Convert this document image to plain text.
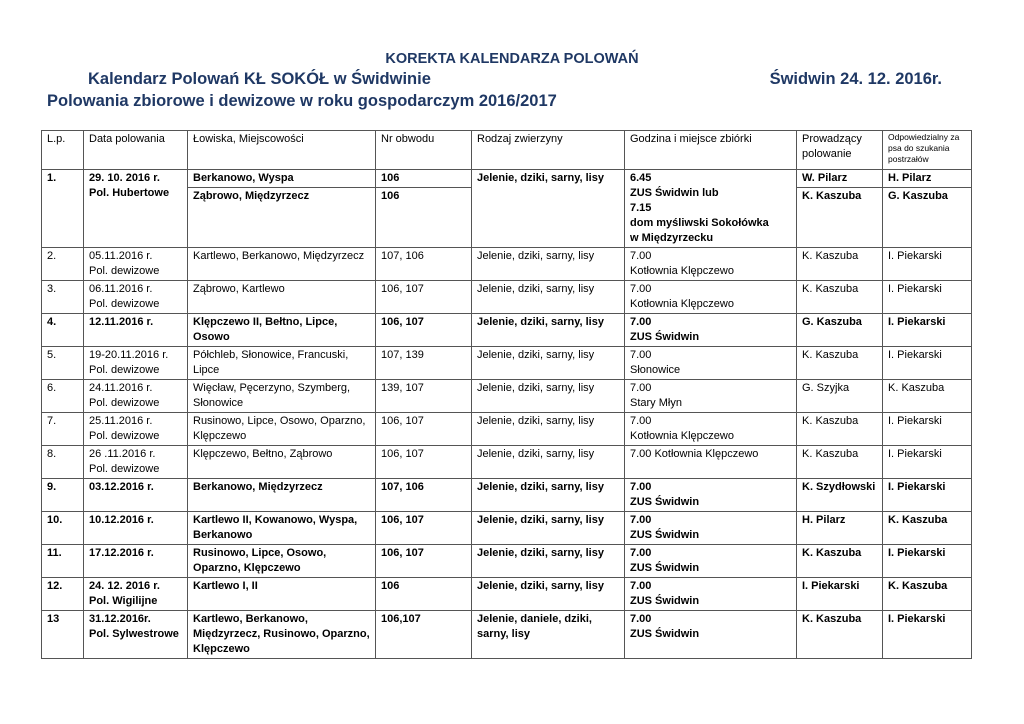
KOREKTA KALENDARZA POLOWAŃ
Kalendarz Polowań KŁ SOKÓŁ w Świdwinie	Świdwin 24. 12. 2016r.
Polowania zbiorowe i dewizowe w roku gospodarczym 2016/2017
L.p.	Data polowania	Łowiska, Miejscowości	Nr obwodu	Rodzaj zwierzyny	Godzina i miejsce zbiórki	Prowadzący polowanie	Odpowiedzialny za psa do szukania postrzałów
1.	29. 10. 2016 r.
Pol. Hubertowe	Berkanowo, Wyspa	106	Jelenie, dziki, sarny, lisy	6.45
ZUS Świdwin lub
7.15
dom myśliwski Sokołówka
w Międzyrzecku	W. Pilarz	H. Pilarz
		Ząbrowo, Międzyrzecz	106			K. Kaszuba	G. Kaszuba
2.	05.11.2016 r.
Pol. dewizowe	Kartlewo, Berkanowo, Międzyrzecz	107, 106	Jelenie, dziki, sarny, lisy	7.00
Kotłownia Klępczewo	K. Kaszuba	I. Piekarski
3.	06.11.2016 r.
Pol. dewizowe	Ząbrowo, Kartlewo	106, 107	Jelenie, dziki, sarny, lisy	7.00
Kotłownia Klępczewo	K. Kaszuba	I. Piekarski
4.	12.11.2016 r.	Klępczewo II, Bełtno, Lipce, Osowo	106, 107	Jelenie, dziki, sarny, lisy	7.00
ZUS Świdwin	G. Kaszuba	I. Piekarski
5.	19-20.11.2016 r.
Pol. dewizowe	Półchleb, Słonowice, Francuski, Lipce	107, 139	Jelenie, dziki, sarny, lisy	7.00
Słonowice	K. Kaszuba	I. Piekarski
6.	24.11.2016 r.
Pol. dewizowe	Więcław, Pęcerzyno, Szymberg, Słonowice	139, 107	Jelenie, dziki, sarny, lisy	7.00
Stary Młyn	G. Szyjka	K. Kaszuba
7.	25.11.2016 r.
Pol. dewizowe	Rusinowo, Lipce, Osowo, Oparzno, Klępczewo	106, 107	Jelenie, dziki, sarny, lisy	7.00
Kotłownia Klępczewo	K. Kaszuba	I. Piekarski
8.	26 .11.2016 r.
Pol. dewizowe	Klępczewo, Bełtno, Ząbrowo	106, 107	Jelenie, dziki, sarny, lisy	7.00 Kotłownia Klępczewo	K. Kaszuba	I. Piekarski
9.	03.12.2016 r.	Berkanowo, Międzyrzecz	107, 106	Jelenie, dziki, sarny, lisy	7.00
ZUS Świdwin	K. Szydłowski	I. Piekarski
10.	10.12.2016 r.	Kartlewo II, Kowanowo, Wyspa, Berkanowo	106, 107	Jelenie, dziki, sarny, lisy	7.00
ZUS Świdwin	H. Pilarz	K. Kaszuba
11.	17.12.2016 r.	Rusinowo, Lipce, Osowo, Oparzno, Klępczewo	106, 107	Jelenie, dziki, sarny, lisy	7.00
ZUS Świdwin	K. Kaszuba	I. Piekarski
12.	24. 12. 2016 r.
Pol. Wigilijne	Kartlewo I, II	106	Jelenie, dziki, sarny, lisy	7.00
ZUS Świdwin	I. Piekarski	K. Kaszuba
13	31.12.2016r.
Pol. Sylwestrowe	Kartlewo, Berkanowo, Międzyrzecz, Rusinowo, Oparzno, Klępczewo	106,107	Jelenie, daniele, dziki, sarny, lisy	7.00
ZUS Świdwin	K. Kaszuba	I. Piekarski
